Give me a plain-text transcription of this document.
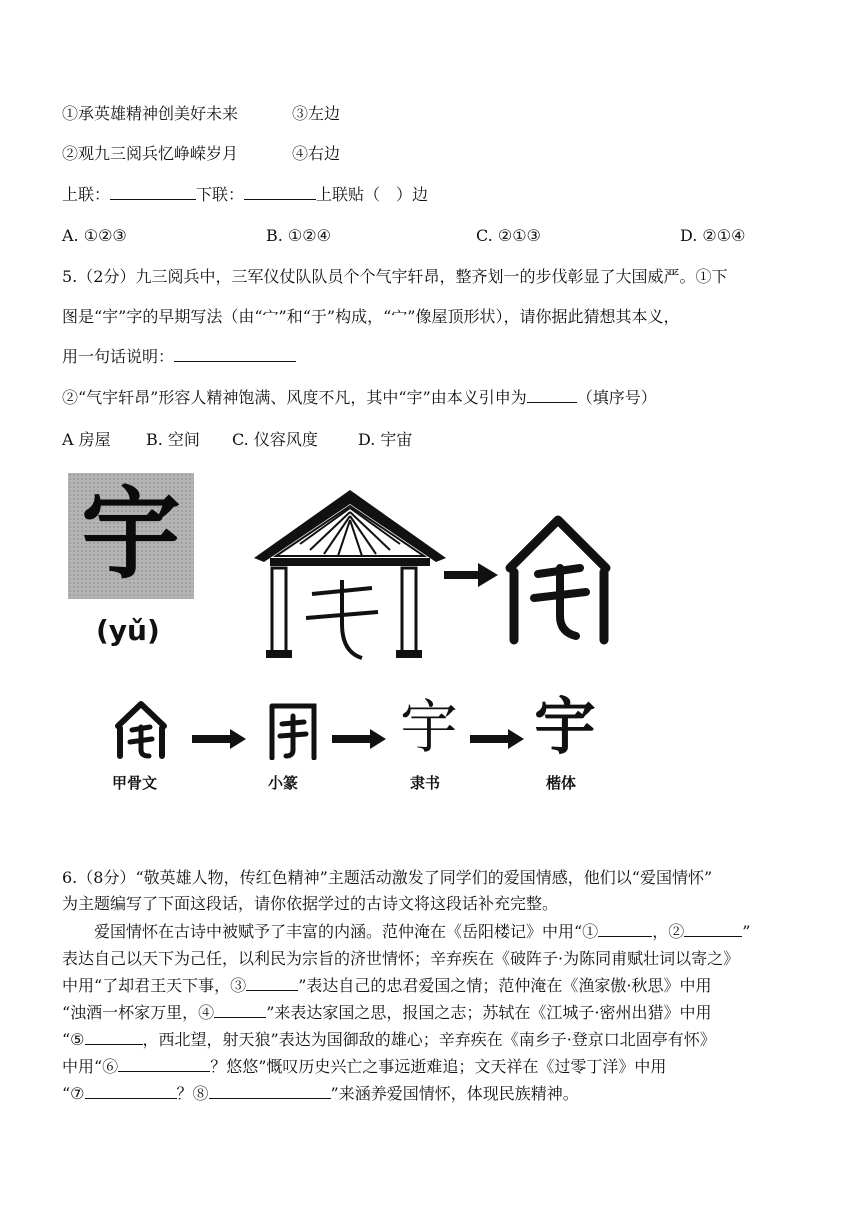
①承英雄精神创美好未来	③左边
②观九三阅兵忆峥嵘岁月	④右边
上联：	下联：	上联贴（　）边
A. ①②③	B. ①②④	C. ②①③	D. ②①④
5.（2分）九三阅兵中，三军仪仗队队员个个气宇轩昂，整齐划一的步伐彰显了大国威严。①下
图是“宇”字的早期写法（由“宀”和“于”构成，“宀”像屋顶形状），请你据此猜想其本义，
用一句话说明：
②“气宇轩昂”形容人精神饱满、风度不凡，其中“宇”由本义引申为	（填序号）
A 房屋 B. 空间 C. 仪容风度	D. 宇宙
宇
(yǔ)
宇 宇
甲骨文	小篆	隶书	楷体
6.（8分）“敬英雄人物，传红色精神”主题活动激发了同学们的爱国情感，他们以“爱国情怀”
为主题编写了下面这段话，请你依据学过的古诗文将这段话补充完整。
爱国情怀在古诗中被赋予了丰富的内涵。范仲淹在《岳阳楼记》中用“①	，②	”
表达自己以天下为己任，以利民为宗旨的济世情怀；辛弃疾在《破阵子·为陈同甫赋壮词以寄之》
中用“了却君王天下事，③	”表达自己的忠君爱国之情；范仲淹在《渔家傲·秋思》中用
“浊酒一杯家万里，④	”来表达家国之思，报国之志；苏轼在《江城子·密州出猎》中用
“⑤	，西北望，射天狼”表达为国御敌的雄心；辛弃疾在《南乡子·登京口北固亭有怀》
中用“⑥	？悠悠”慨叹历史兴亡之事远逝难追；文天祥在《过零丁洋》中用
“⑦	？⑧	”来涵养爱国情怀，体现民族精神。
